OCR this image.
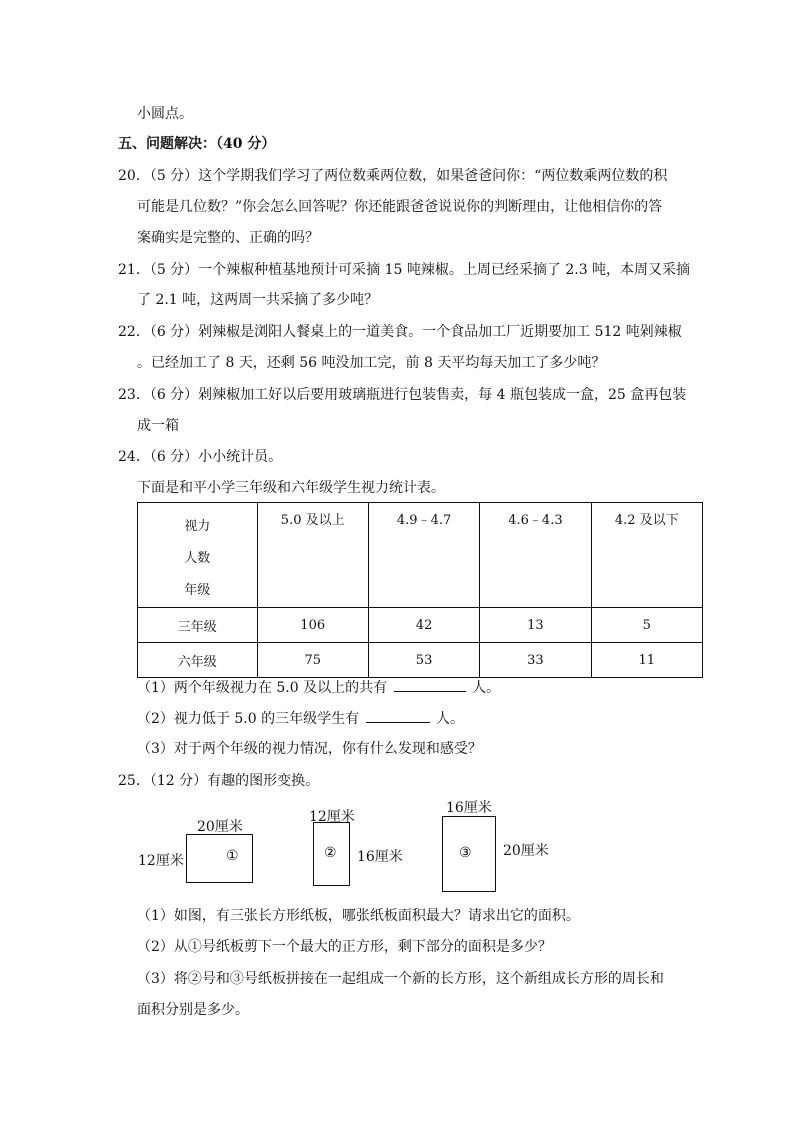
小圆点。
五、问题解决：（40 分）
20．（5 分）这个学期我们学习了两位数乘两位数，如果爸爸问你：“两位数乘两位数的积
可能是几位数？”你会怎么回答呢？你还能跟爸爸说说你的判断理由，让他相信你的答
案确实是完整的、正确的吗？
21．（5 分）一个辣椒种植基地预计可采摘 15 吨辣椒。上周已经采摘了 2.3 吨，本周又采摘
了 2.1 吨，这两周一共采摘了多少吨？
22．（6 分）剁辣椒是浏阳人餐桌上的一道美食。一个食品加工厂近期要加工 512 吨剁辣椒
。已经加工了 8 天，还剩 56 吨没加工完，前 8 天平均每天加工了多少吨？
23．（6 分）剁辣椒加工好以后要用玻璃瓶进行包装售卖，每 4 瓶包装成一盒，25 盒再包装
成一箱
24．（6 分）小小统计员。
下面是和平小学三年级和六年级学生视力统计表。
视力
人数
年级	5.0 及以上	4.9﹣4.7	4.6﹣4.3	4.2 及以下

三年级	106	42	13	5
六年级	75	53	33	11
（1）两个年级视力在 5.0 及以上的共有	人。
（2）视力低于 5.0 的三年级学生有	人。
（3）对于两个年级的视力情况，你有什么发现和感受？
25．（12 分）有趣的图形变换。
20厘米
12厘米	①
12厘米
② 16厘米
16厘米
③ 20厘米
（1）如图，有三张长方形纸板，哪张纸板面积最大？请求出它的面积。
（2）从①号纸板剪下一个最大的正方形，剩下部分的面积是多少？
（3）将②号和③号纸板拼接在一起组成一个新的长方形，这个新组成长方形的周长和
面积分别是多少。
